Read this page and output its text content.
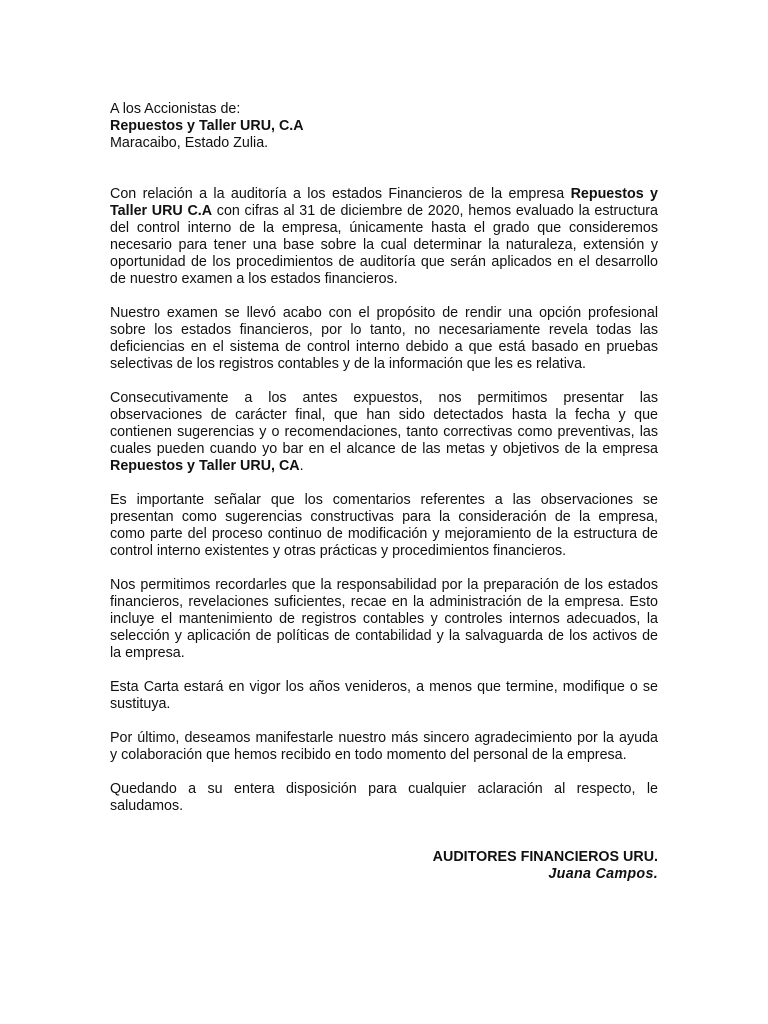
A los Accionistas de:
Repuestos y Taller URU, C.A
Maracaibo, Estado Zulia.

Con relación a la auditoría a los estados Financieros de la empresa Repuestos y Taller URU C.A con cifras al 31 de diciembre de 2020, hemos evaluado la estructura del control interno de la empresa, únicamente hasta el grado que consideremos necesario para tener una base sobre la cual determinar la naturaleza, extensión y oportunidad de los procedimientos de auditoría que serán aplicados en el desarrollo de nuestro examen a los estados financieros.

Nuestro examen se llevó acabo con el propósito de rendir una opción profesional sobre los estados financieros, por lo tanto, no necesariamente revela todas las deficiencias en el sistema de control interno debido a que está basado en pruebas selectivas de los registros contables y de la información que les es relativa.

Consecutivamente a los antes expuestos, nos permitimos presentar las observaciones de carácter final, que han sido detectados hasta la fecha y que contienen sugerencias y o recomendaciones, tanto correctivas como preventivas, las cuales pueden cuando yo bar en el alcance de las metas y objetivos de la empresa Repuestos y Taller URU, CA.

Es importante señalar que los comentarios referentes a las observaciones se presentan como sugerencias constructivas para la consideración de la empresa, como parte del proceso continuo de modificación y mejoramiento de la estructura de control interno existentes y otras prácticas y procedimientos financieros.

Nos permitimos recordarles que la responsabilidad por la preparación de los estados financieros, revelaciones suficientes, recae en la administración de la empresa. Esto incluye el mantenimiento de registros contables y controles internos adecuados, la selección y aplicación de políticas de contabilidad y la salvaguarda de los activos de la empresa.

Esta Carta estará en vigor los años venideros, a menos que termine, modifique o se sustituya.

Por último, deseamos manifestarle nuestro más sincero agradecimiento por la ayuda y colaboración que hemos recibido en todo momento del personal de la empresa.

Quedando a su entera disposición para cualquier aclaración al respecto, le saludamos.

AUDITORES FINANCIEROS URU.
Juana Campos.
